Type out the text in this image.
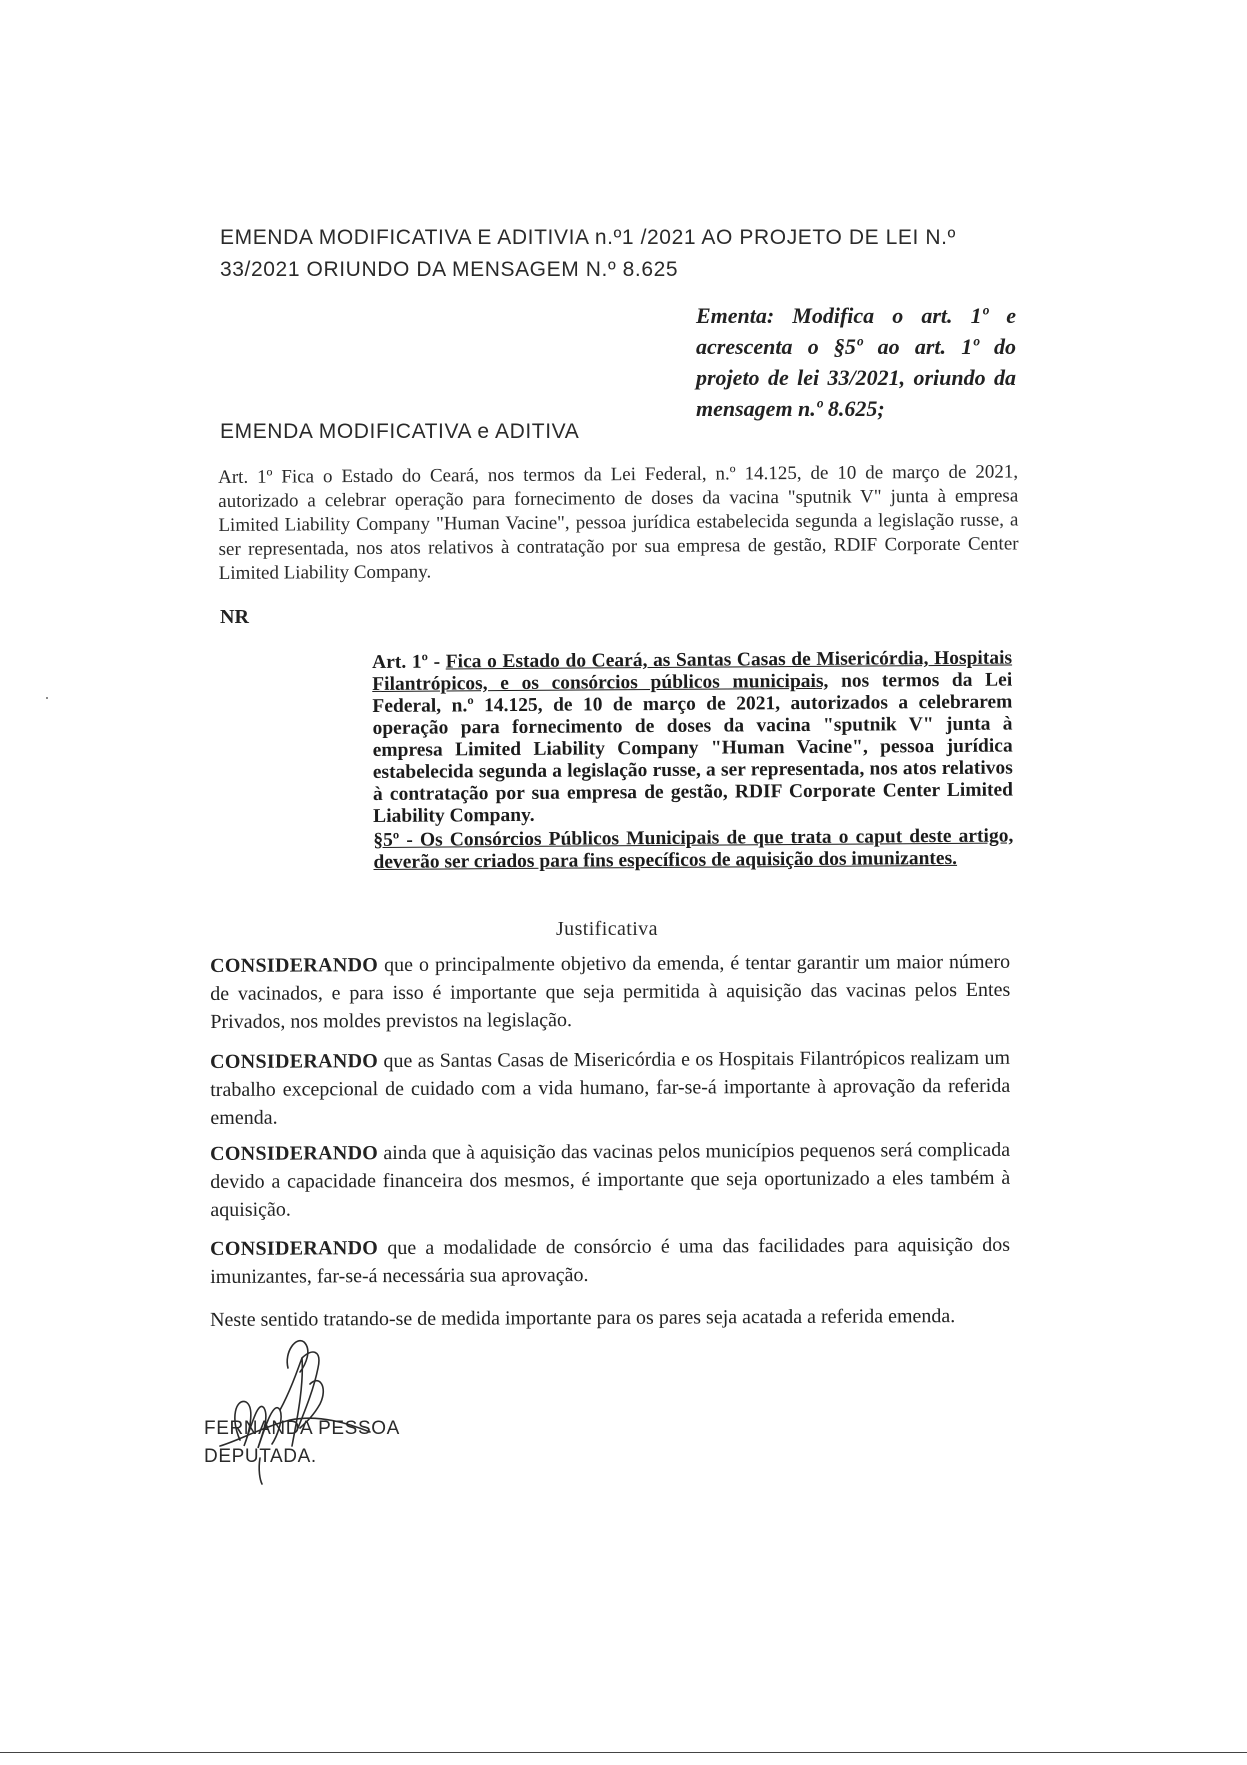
EMENDA MODIFICATIVA E ADITIVIA n.º1 /2021 AO PROJETO DE LEI N.º
33/2021 ORIUNDO DA MENSAGEM N.º 8.625
Ementa: Modifica o art. 1º e acrescenta o §5º ao art. 1º do projeto de lei 33/2021, oriundo da mensagem n.º 8.625;
EMENDA MODIFICATIVA e ADITIVA
Art. 1º Fica o Estado do Ceará, nos termos da Lei Federal, n.º 14.125, de 10 de março de 2021, autorizado a celebrar operação para fornecimento de doses da vacina "sputnik V" junta à empresa Limited Liability Company "Human Vacine", pessoa jurídica estabelecida segunda a legislação russe, a ser representada, nos atos relativos à contratação por sua empresa de gestão, RDIF Corporate Center Limited Liability Company.
NR

Art. 1º - Fica o Estado do Ceará, as Santas Casas de Misericórdia, Hospitais Filantrópicos, e os consórcios públicos municipais, nos termos da Lei Federal, n.º 14.125, de 10 de março de 2021, autorizados a celebrarem operação para fornecimento de doses da vacina "sputnik V" junta à empresa Limited Liability Company "Human Vacine", pessoa jurídica estabelecida segunda a legislação russe, a ser representada, nos atos relativos à contratação por sua empresa de gestão, RDIF Corporate Center Limited Liability Company.

§5º - Os Consórcios Públicos Municipais de que trata o caput deste artigo, deverão ser criados para fins específicos de aquisição dos imunizantes.

Justificativa
CONSIDERANDO que o principalmente objetivo da emenda, é tentar garantir um maior número de vacinados, e para isso é importante que seja permitida à aquisição das vacinas pelos Entes Privados, nos moldes previstos na legislação.
CONSIDERANDO que as Santas Casas de Misericórdia e os Hospitais Filantrópicos realizam um trabalho excepcional de cuidado com a vida humano, far-se-á importante à aprovação da referida emenda.
CONSIDERANDO ainda que à aquisição das vacinas pelos municípios pequenos será complicada devido a capacidade financeira dos mesmos, é importante que seja oportunizado a eles também à aquisição.
CONSIDERANDO que a modalidade de consórcio é uma das facilidades para aquisição dos imunizantes, far-se-á necessária sua aprovação.
Neste sentido tratando-se de medida importante para os pares seja acatada a referida emenda.
FERNANDA PESSOA
DEPUTADA.
